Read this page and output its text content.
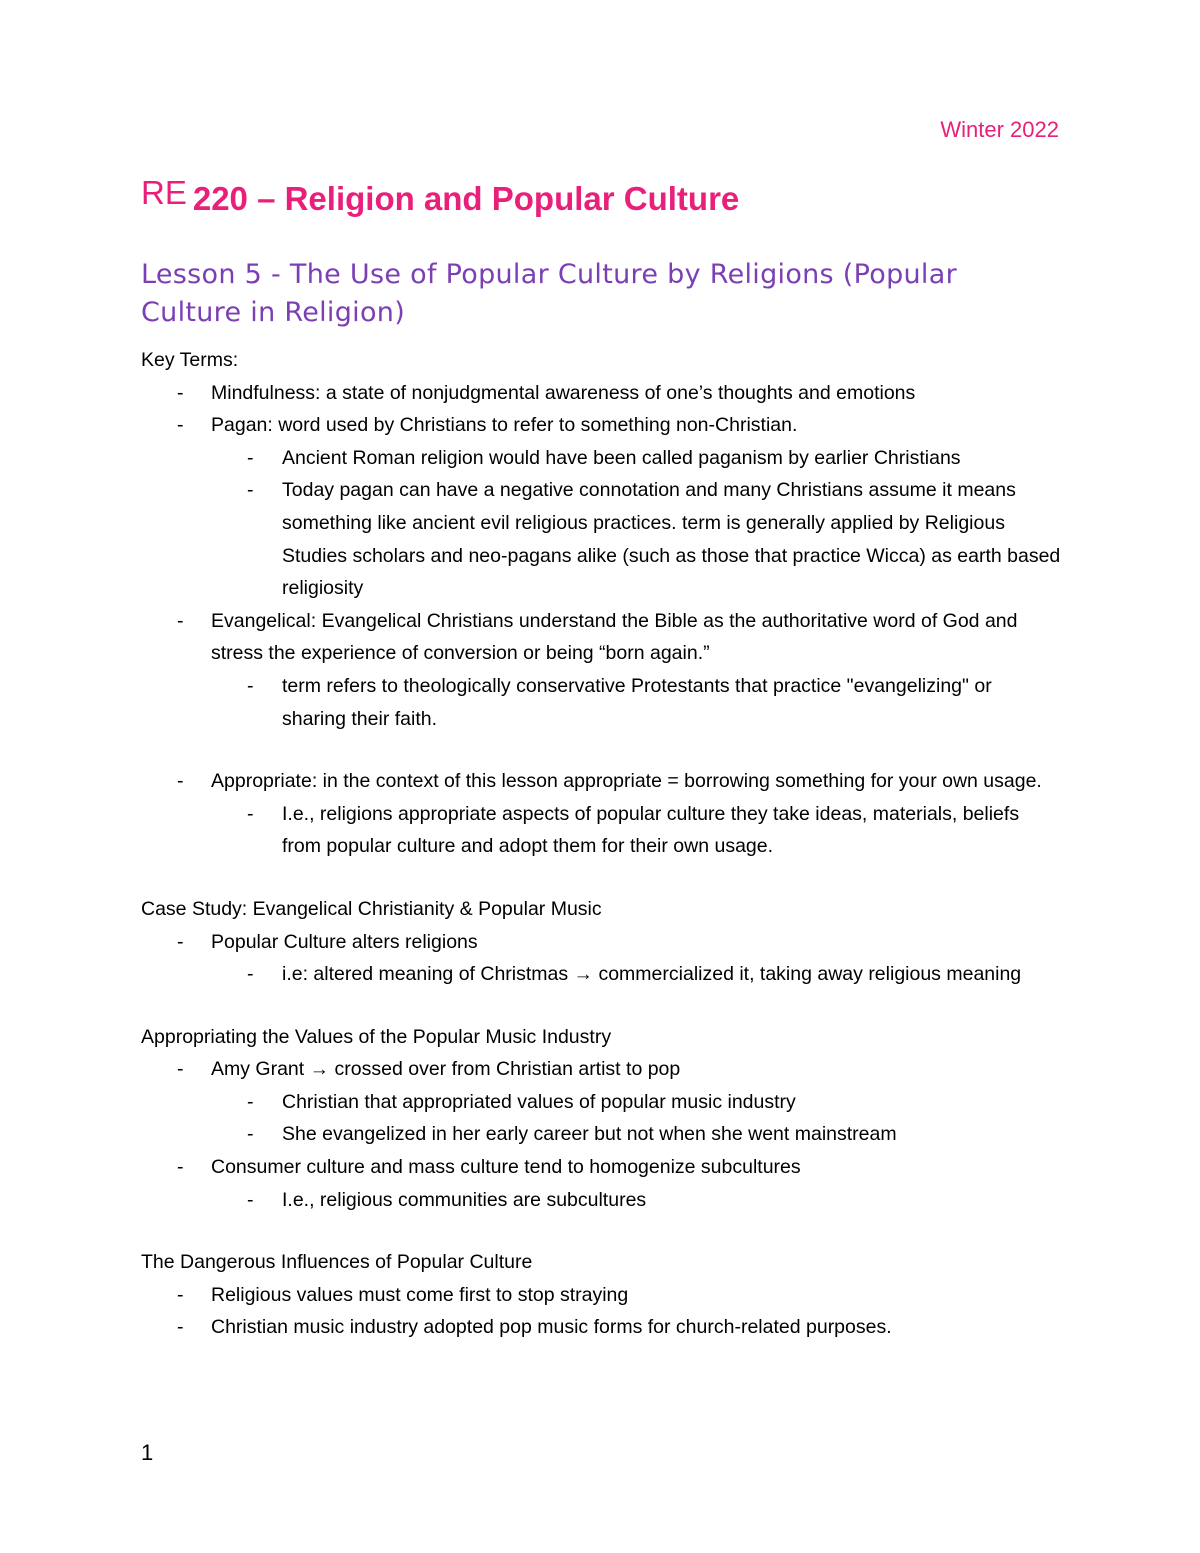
Winter 2022
RE 220 – Religion and Popular Culture
Lesson 5 - The Use of Popular Culture by Religions (Popular Culture in Religion)
Key Terms:
- Mindfulness: a state of nonjudgmental awareness of one’s thoughts and emotions
- Pagan: word used by Christians to refer to something non-Christian.
- Ancient Roman religion would have been called paganism by earlier Christians
- Today pagan can have a negative connotation and many Christians assume it means something like ancient evil religious practices. term is generally applied by Religious Studies scholars and neo-pagans alike (such as those that practice Wicca) as earth based religiosity
- Evangelical: Evangelical Christians understand the Bible as the authoritative word of God and stress the experience of conversion or being “born again.”
- term refers to theologically conservative Protestants that practice "evangelizing" or sharing their faith.
- Appropriate: in the context of this lesson appropriate = borrowing something for your own usage.
- I.e., religions appropriate aspects of popular culture they take ideas, materials, beliefs from popular culture and adopt them for their own usage.
Case Study: Evangelical Christianity & Popular Music
- Popular Culture alters religions
- i.e: altered meaning of Christmas → commercialized it, taking away religious meaning
Appropriating the Values of the Popular Music Industry
- Amy Grant → crossed over from Christian artist to pop
- Christian that appropriated values of popular music industry
- She evangelized in her early career but not when she went mainstream
- Consumer culture and mass culture tend to homogenize subcultures
- I.e., religious communities are subcultures
The Dangerous Influences of Popular Culture
- Religious values must come first to stop straying
- Christian music industry adopted pop music forms for church-related purposes.
1
